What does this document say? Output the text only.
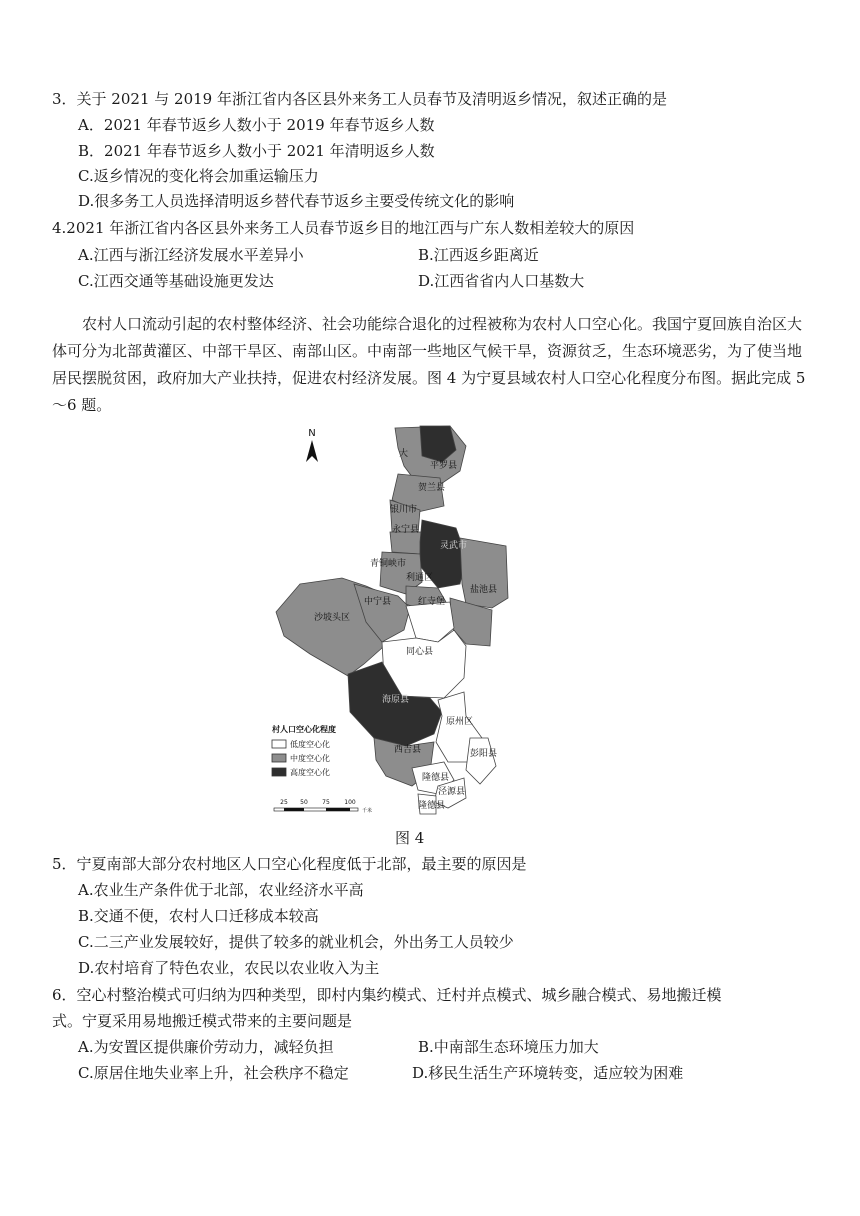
3．关于 2021 与 2019 年浙江省内各区县外来务工人员春节及清明返乡情况，叙述正确的是
A．2021 年春节返乡人数小于 2019 年春节返乡人数
B．2021 年春节返乡人数小于 2021 年清明返乡人数
C.返乡情况的变化将会加重运输压力
D.很多务工人员选择清明返乡替代春节返乡主要受传统文化的影响
4.2021 年浙江省内各区县外来务工人员春节返乡目的地江西与广东人数相差较大的原因
A.江西与浙江经济发展水平差异小	B.江西返乡距离近
C.江西交通等基础设施更发达	D.江西省省内人口基数大
农村人口流动引起的农村整体经济、社会功能综合退化的过程被称为农村人口空心化。我国宁夏回族自治区大体可分为北部黄灌区、中部干旱区、南部山区。中南部一些地区气候干旱，资源贫乏，生态环境恶劣，为了使当地居民摆脱贫困，政府加大产业扶持，促进农村经济发展。图 4 为宁夏县域农村人口空心化程度分布图。据此完成 5～6 题。
N
大
平罗县
贺兰县
银川市
永宁县
灵武市
青铜峡市
盐池县
利通区
中宁县	红寺堡
沙坡头区
同心县
海原县
原州区
西吉县	彭阳县
隆德县
泾源县
隆德县
村人口空心化程度
低度空心化
中度空心化
高度空心化
25 50 75 100
千米
图 4
5．宁夏南部大部分农村地区人口空心化程度低于北部，最主要的原因是
A.农业生产条件优于北部，农业经济水平高
B.交通不便，农村人口迁移成本较高
C.二三产业发展较好，提供了较多的就业机会，外出务工人员较少
D.农村培育了特色农业，农民以农业收入为主
6．空心村整治模式可归纳为四种类型，即村内集约模式、迁村并点模式、城乡融合模式、易地搬迁模
式。宁夏采用易地搬迁模式带来的主要问题是
A.为安置区提供廉价劳动力，减轻负担	B.中南部生态环境压力加大
C.原居住地失业率上升，社会秩序不稳定	D.移民生活生产环境转变，适应较为困难
